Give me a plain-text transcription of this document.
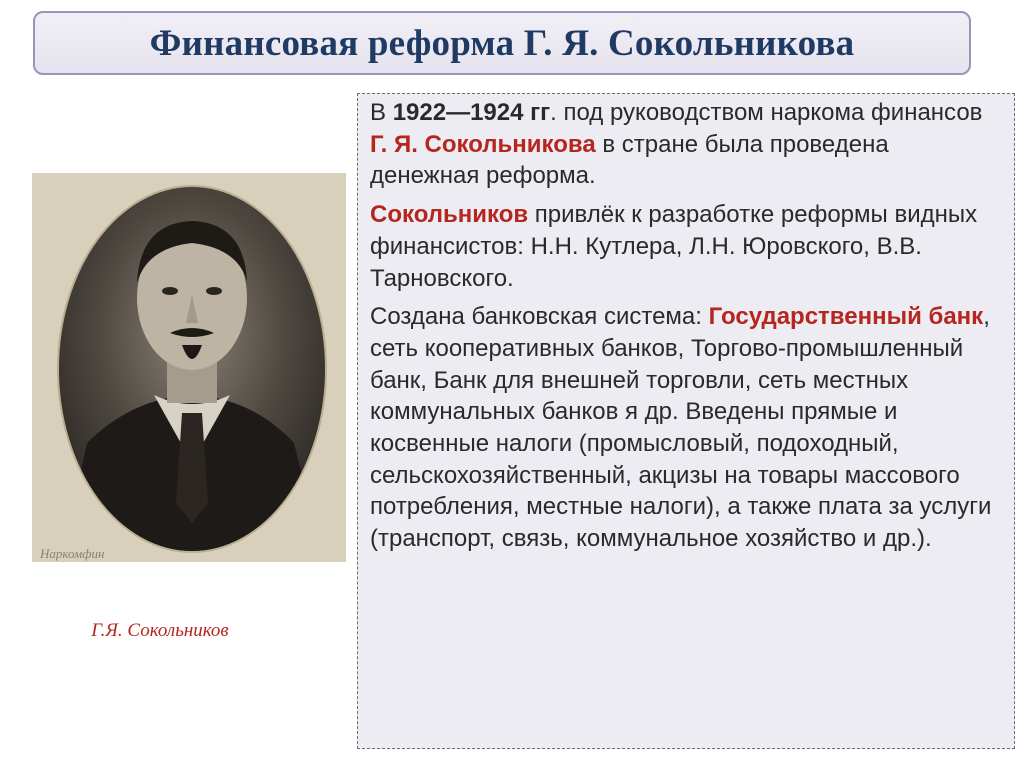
Финансовая реформа Г. Я. Сокольникова
Наркомфин
Г.Я. Сокольников

В 1922—1924 гг. под руководством наркома финансов Г. Я. Сокольникова в стране была проведена денежная реформа.

Сокольников привлёк к разработке реформы видных финансистов: Н.Н. Кутлера, Л.Н. Юровского, В.В. Тарновского.

Создана банковская система: Государственный банк, сеть кооперативных банков, Торгово-промышленный банк, Банк для внешней торговли, сеть местных коммунальных банков я др. Введены прямые и косвенные налоги (промысловый, подоходный, сельскохозяйственный, акцизы на товары массового потребления, местные налоги), а также плата за услуги (транспорт, связь, коммунальное хозяйство и др.).
